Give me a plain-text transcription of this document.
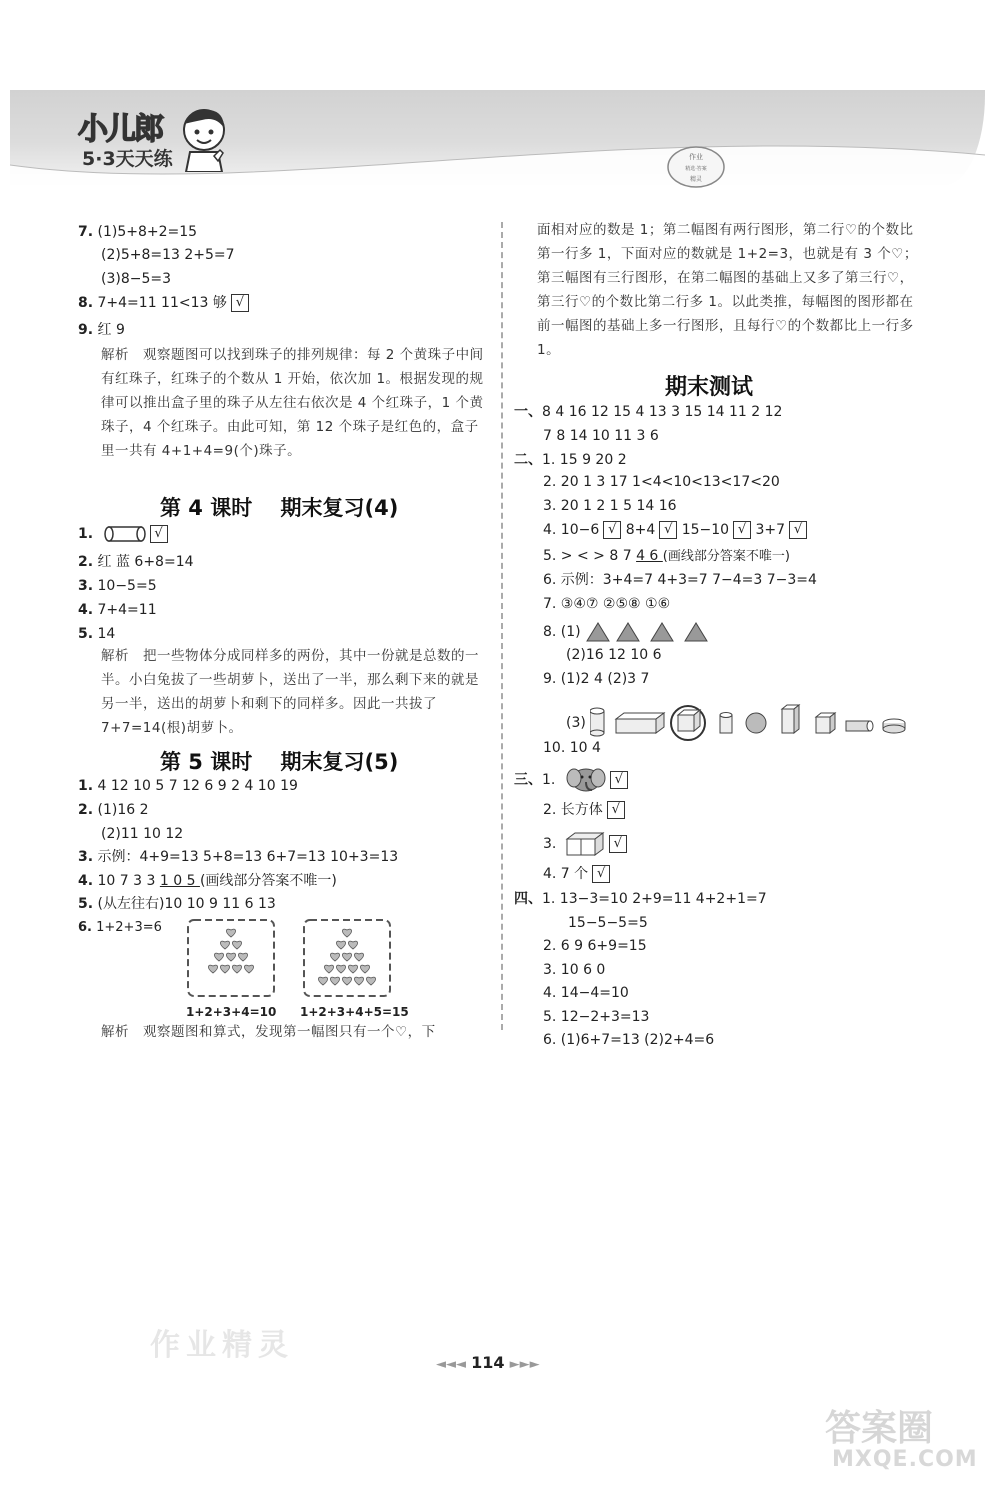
小儿郎
5·3天天练	作业
精选·答案
精灵
7. (1)5+8+2=15
(2)5+8=13 2+5=7
(3)8−5=3
8. 7+4=11 11<13 够 √
9. 红 9
解析　观察题图可以找到珠子的排列规律：每 2 个黄珠子中间有红珠子，红珠子的个数从 1 开始，依次加 1。根据发现的规律可以推出盒子里的珠子从左往右依次是 4 个红珠子，1 个黄珠子，4 个红珠子。由此可知，第 12 个珠子是红色的，盒子里一共有 4+1+4=9(个)珠子。
第 4 课时　 期末复习(4)
1.	√
2. 红 蓝 6+8=14
3. 10−5=5
4. 7+4=11
5. 14
解析　把一些物体分成同样多的两份，其中一份就是总数的一半。小白兔拔了一些胡萝卜，送出了一半，那么剩下来的就是另一半，送出的胡萝卜和剩下的同样多。因此一共拔了 7+7=14(根)胡萝卜。
第 5 课时　 期末复习(5)
1. 4 12 10 5 7 12 6 9 2 4 10 19
2. (1)16 2
(2)11 10 12
3. 示例：4+9=13 5+8=13 6+7=13 10+3=13
4. 10 7 3 3 1 0 5 (画线部分答案不唯一)
5. (从左往右)10 10 9 11 6 13
6. 1+2+3=6
1+2+3+4=10 1+2+3+4+5=15
解析　观察题图和算式，发现第一幅图只有一个♡，下
面相对应的数是 1；第二幅图有两行图形，第二行♡的个数比第一行多 1，下面对应的数就是 1+2=3，也就是有 3 个♡；第三幅图有三行图形，在第二幅图的基础上又多了第三行♡，第三行♡的个数比第二行多 1。以此类推，每幅图的图形都在前一幅图的基础上多一行图形，且每行♡的个数都比上一行多 1。
期末测试
一、8 4 16 12 15 4 13 3 15 14 11 2 12
7 8 14 10 11 3 6
二、1. 15 9 20 2
2. 20 1 3 17 1<4<10<13<17<20
3. 20 1 2 1 5 14 16
4. 10−6 √ 8+4 √ 15−10 √ 3+7 √
5. > < > 8 7 4 6 (画线部分答案不唯一)
6. 示例：3+4=7 4+3=7 7−4=3 7−3=4
7. ③④⑦ ②⑤⑧ ①⑥
8. (1)
(2)16 12 10 6
9. (1)2 4 (2)3 7
(3)
10. 10 4
三、1.	√
2. 长方体 √
3.	√
4. 7 个 √
四、1. 13−3=10 2+9=11 4+2+1=7
15−5−5=5
2. 6 9 6+9=15
3. 10 6 0
4. 14−4=10
5. 12−2+3=13
6. (1)6+7=13 (2)2+4=6
作业精灵
◄◄◄ 114 ►►►
答案圈
MXQE.COM
